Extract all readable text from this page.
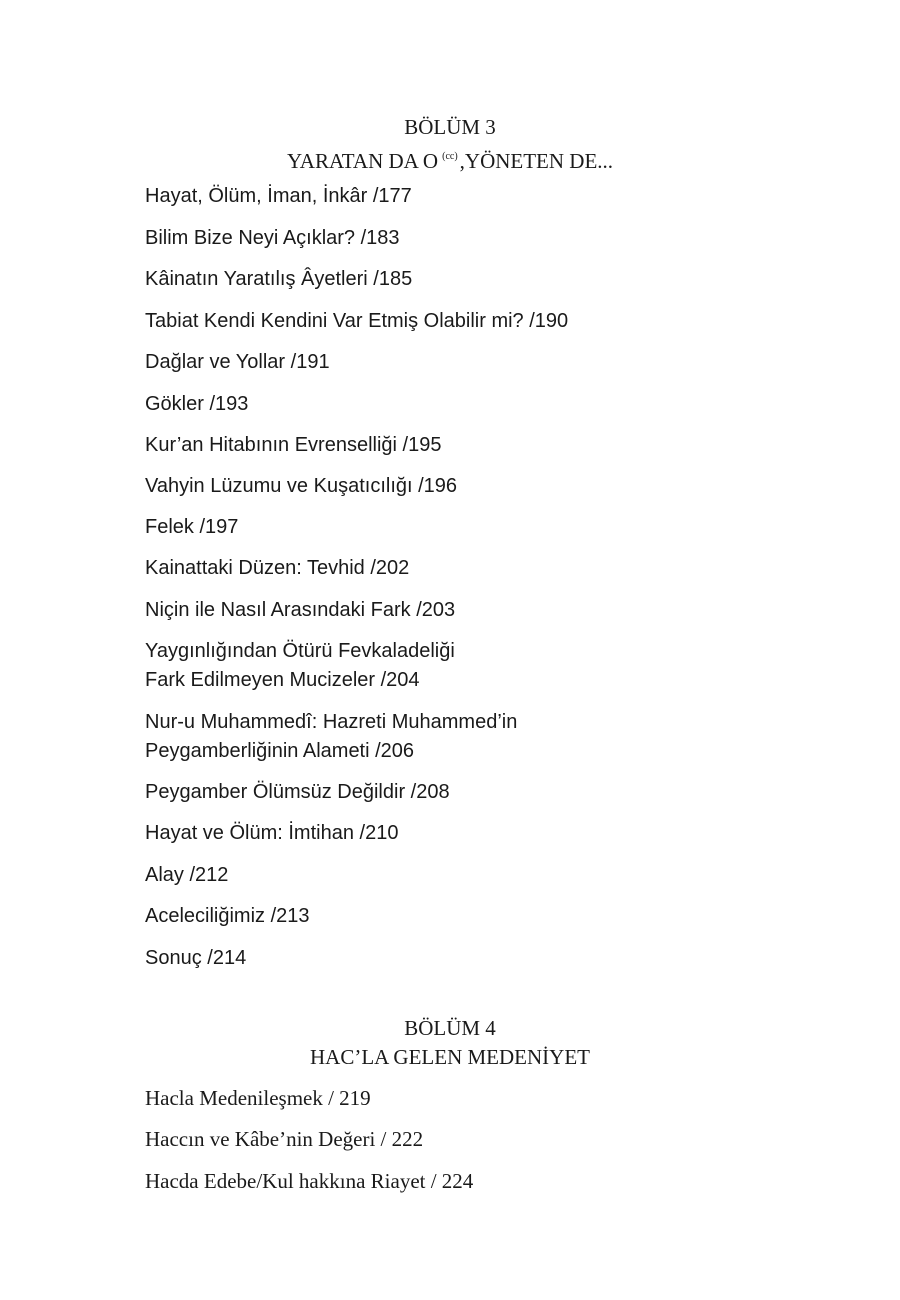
BÖLÜM 3
YARATAN DA O $^{(cc)}$,YÖNETEN DE...
Hayat, Ölüm, İman, İnkâr /177
Bilim Bize Neyi Açıklar? /183
Kâinatın Yaratılış Âyetleri /185
Tabiat Kendi Kendini Var Etmiş Olabilir mi? /190
Dağlar ve Yollar /191
Gökler /193
Kur’an Hitabının Evrenselliği /195
Vahyin Lüzumu ve Kuşatıcılığı /196
Felek /197
Kainattaki Düzen: Tevhid /202
Niçin ile Nasıl Arasındaki Fark /203
Yaygınlığından Ötürü Fevkaladeliği
Fark Edilmeyen Mucizeler /204
Nur-u Muhammedî: Hazreti Muhammed’in
Peygamberliğinin Alameti /206
Peygamber Ölümsüz Değildir /208
Hayat ve Ölüm: İmtihan /210
Alay /212
Aceleciliğimiz /213
Sonuç /214
BÖLÜM 4
HAC’LA GELEN MEDENİYET
Hacla Medenileşmek / 219
Haccın ve Kâbe’nin Değeri / 222
Hacda Edebe/Kul hakkına Riayet / 224
